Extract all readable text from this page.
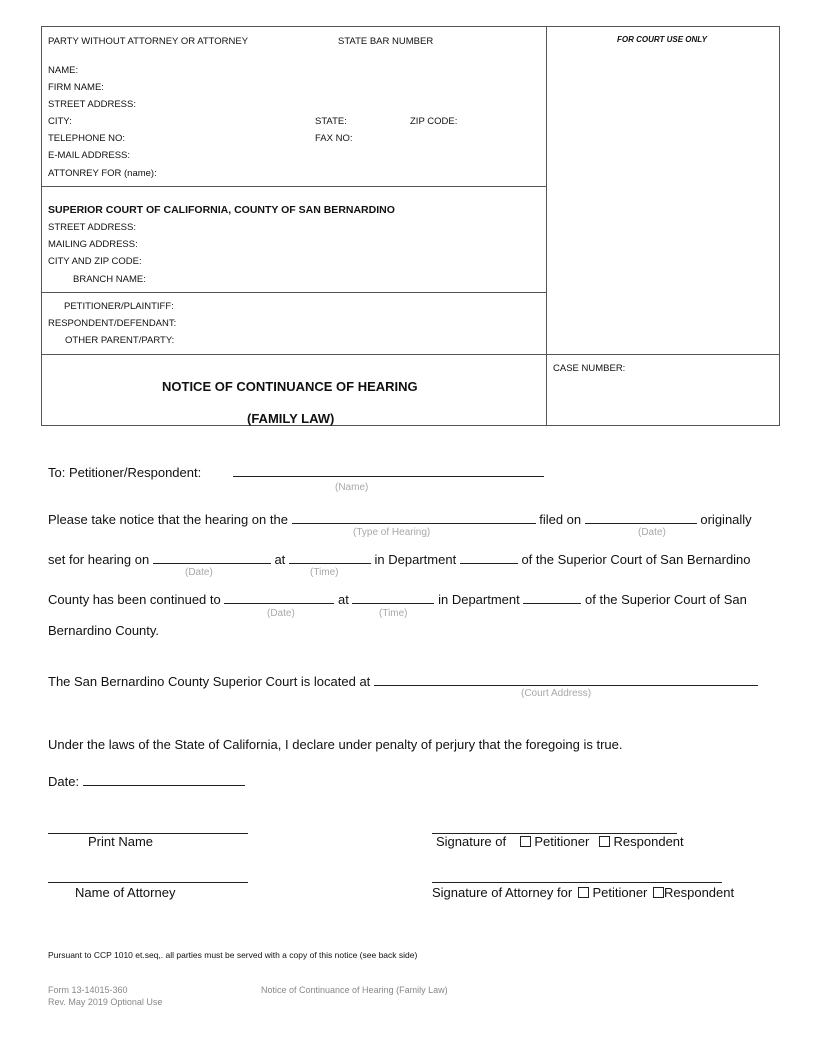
PARTY WITHOUT ATTORNEY OR ATTORNEY	STATE BAR NUMBER	FOR COURT USE ONLY
NAME:
FIRM NAME:
STREET ADDRESS:
CITY:	STATE:	ZIP CODE:
TELEPHONE NO:	FAX NO:
E-MAIL ADDRESS:
ATTONREY FOR (name):
SUPERIOR COURT OF CALIFORNIA, COUNTY OF SAN BERNARDINO
STREET ADDRESS:
MAILING ADDRESS:
CITY AND ZIP CODE:
BRANCH NAME:
PETITIONER/PLAINTIFF:
RESPONDENT/DEFENDANT:
OTHER PARENT/PARTY:
NOTICE OF CONTINUANCE OF HEARING
(FAMILY LAW)
CASE NUMBER:
To: Petitioner/Respondent:
(Name)
Please take notice that the hearing on the	filed on	originally
(Type of Hearing)	(Date)
set for hearing on	at	in Department	of the Superior Court of San Bernardino
(Date)	(Time)
County has been continued to	at	in Department	of the Superior Court of San
(Date)	(Time)
Bernardino County.
The San Bernardino County Superior Court is located at
(Court Address)
Under the laws of the State of California, I declare under penalty of perjury that the foregoing is true.
Date:
Print Name	Signature of Petitioner Respondent
Name of Attorney	Signature of Attorney for Petitioner Respondent
Pursuant to CCP 1010 et.seq,. all parties must be served with a copy of this notice (see back side)
Form 13-14015-360
Rev. May 2019 Optional Use
Notice of Continuance of Hearing (Family Law)
